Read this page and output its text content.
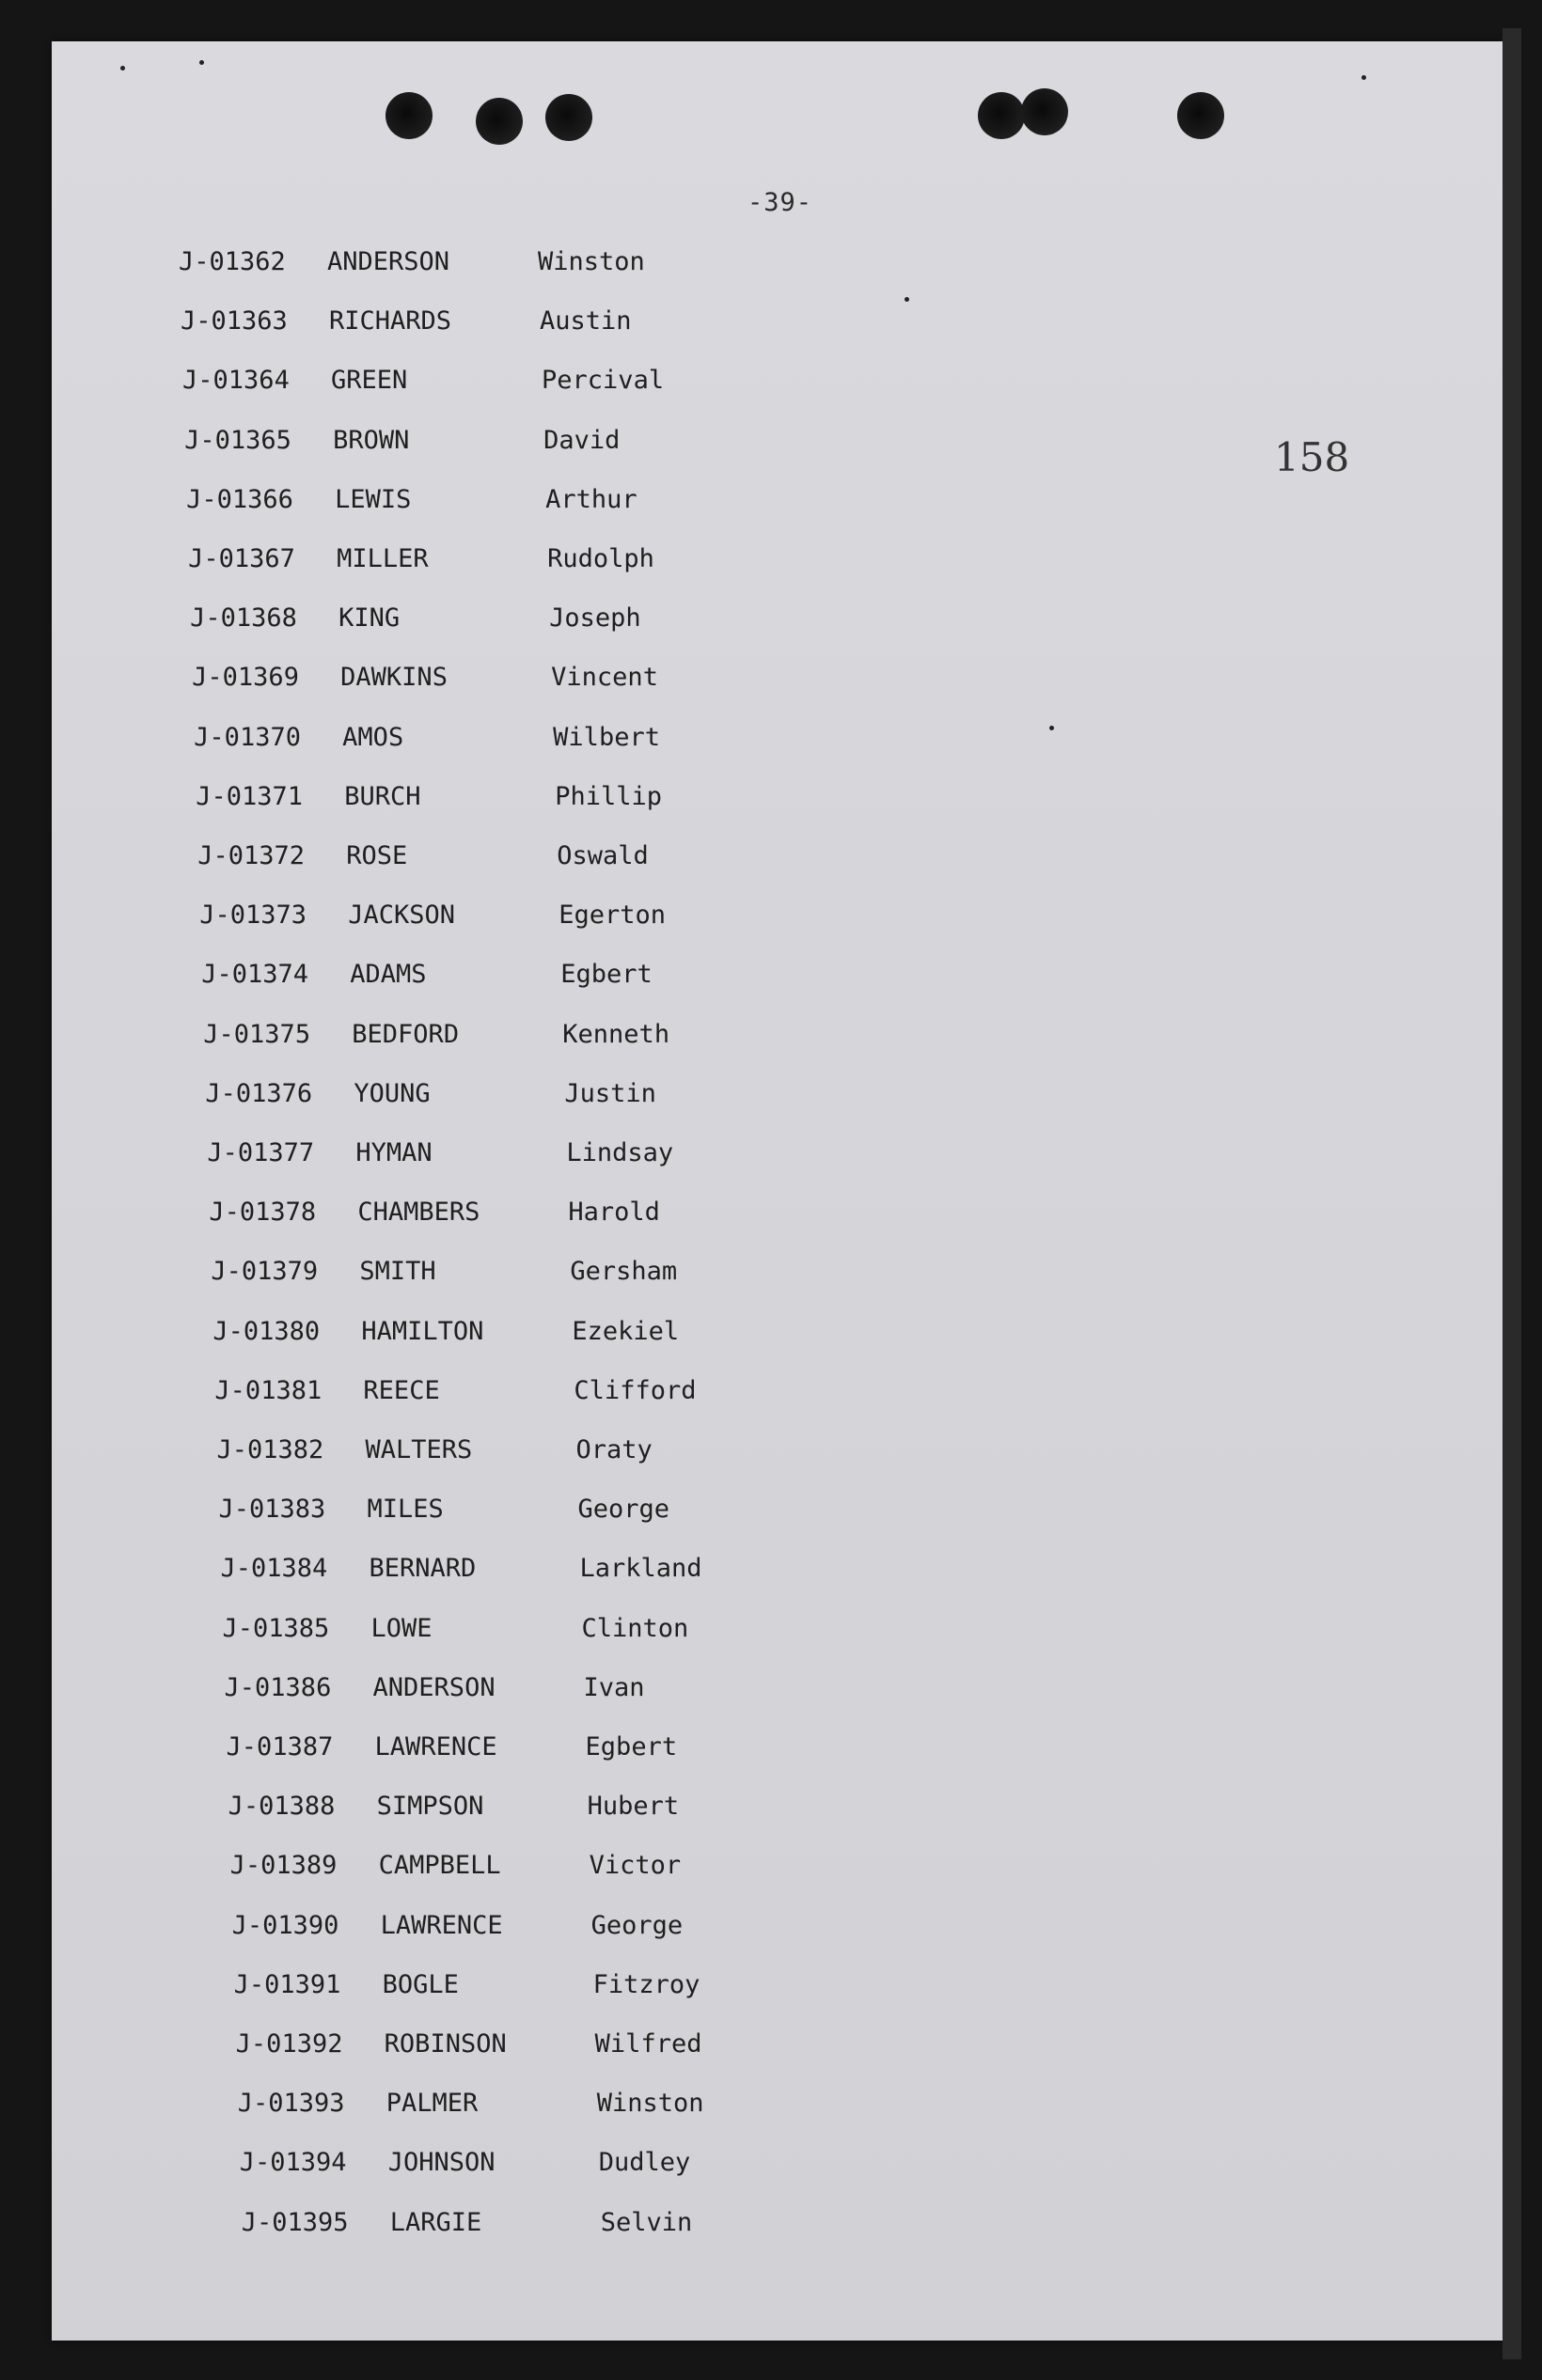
-39-
158
J-01362 ANDERSON	Winston
J-01363 RICHARDS	Austin
J-01364 GREEN	Percival
J-01365 BROWN	David
J-01366 LEWIS	Arthur
J-01367 MILLER	Rudolph
J-01368 KING	Joseph
J-01369 DAWKINS	Vincent
J-01370 AMOS	Wilbert
J-01371 BURCH	Phillip
J-01372 ROSE	Oswald
J-01373 JACKSON	Egerton
J-01374 ADAMS	Egbert
J-01375 BEDFORD	Kenneth
J-01376 YOUNG	Justin
J-01377 HYMAN	Lindsay
J-01378 CHAMBERS	Harold
J-01379 SMITH	Gersham
J-01380 HAMILTON	Ezekiel
J-01381 REECE	Clifford
J-01382 WALTERS	Oraty
J-01383 MILES	George
J-01384 BERNARD	Larkland
J-01385 LOWE	Clinton
J-01386 ANDERSON	Ivan
J-01387 LAWRENCE	Egbert
J-01388 SIMPSON	Hubert
J-01389 CAMPBELL	Victor
J-01390 LAWRENCE	George
J-01391 BOGLE	Fitzroy
J-01392 ROBINSON	Wilfred
J-01393 PALMER	Winston
J-01394 JOHNSON	Dudley
J-01395 LARGIE	Selvin
